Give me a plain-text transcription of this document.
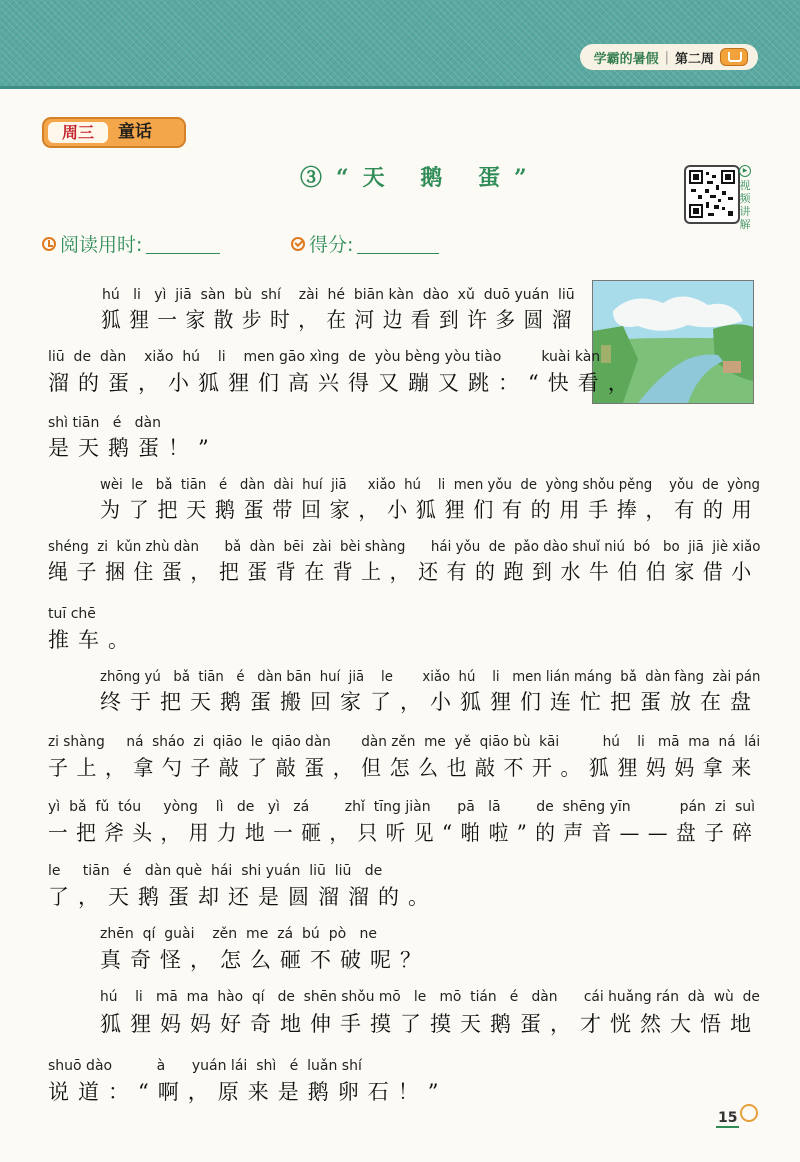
学霸的暑假 | 第二周
周三	童话
③“天 鹅 蛋”	▶
视
频
讲
解
阅读用时:	得分:
hú   li   yì  jiā  sàn  bù  shí    zài  hé  biān kàn  dào  xǔ  duō yuán  liū
狐狸一家散步时，在河边看到许多圆溜
liū  de  dàn    xiǎo  hú    li    men gāo xìng  de  yòu bèng yòu tiào         kuài kàn
溜的蛋，小狐狸们高兴得又蹦又跳：“快看，
shì tiān   é   dàn
是天鹅蛋！”
wèi  le   bǎ  tiān   é   dàn  dài  huí  jiā     xiǎo  hú    li  men yǒu  de  yòng shǒu pěng    yǒu  de  yòng
为了把天鹅蛋带回家，小狐狸们有的用手捧，有的用
shéng  zi  kǔn zhù dàn      bǎ  dàn  bēi  zài  bèi shàng      hái yǒu  de  pǎo dào shuǐ niú  bó   bo  jiā  jiè xiǎo
绳子捆住蛋，把蛋背在背上，还有的跑到水牛伯伯家借小
tuī chē
推车。
zhōng yú   bǎ  tiān   é   dàn bān  huí  jiā    le       xiǎo  hú    li   men lián máng  bǎ  dàn fàng  zài pán
终于把天鹅蛋搬回家了，小狐狸们连忙把蛋放在盘
zi shàng     ná  sháo  zi  qiāo  le  qiāo dàn       dàn zěn  me  yě  qiāo bù  kāi          hú    li   mā  ma  ná  lái
子上，拿勺子敲了敲蛋，但怎么也敲不开。狐狸妈妈拿来
yì  bǎ  fǔ  tóu     yòng    lì   de   yì   zá        zhǐ  tīng jiàn      pā   lā        de  shēng yīn           pán  zi  suì
一把斧头，用力地一砸，只听见“啪啦”的声音——盘子碎
le     tiān   é   dàn què  hái  shi yuán  liū  liū   de
了，天鹅蛋却还是圆溜溜的。
zhēn  qí  guài    zěn  me  zá  bú  pò   ne
真奇怪，怎么砸不破呢？
hú    li   mā  ma  hào  qí   de  shēn shǒu mō   le   mō  tián   é   dàn      cái huǎng rán  dà  wù  de
狐狸妈妈好奇地伸手摸了摸天鹅蛋，才恍然大悟地
shuō dào          à      yuán lái  shì   é  luǎn shí
说道：“啊，原来是鹅卵石！”
15
